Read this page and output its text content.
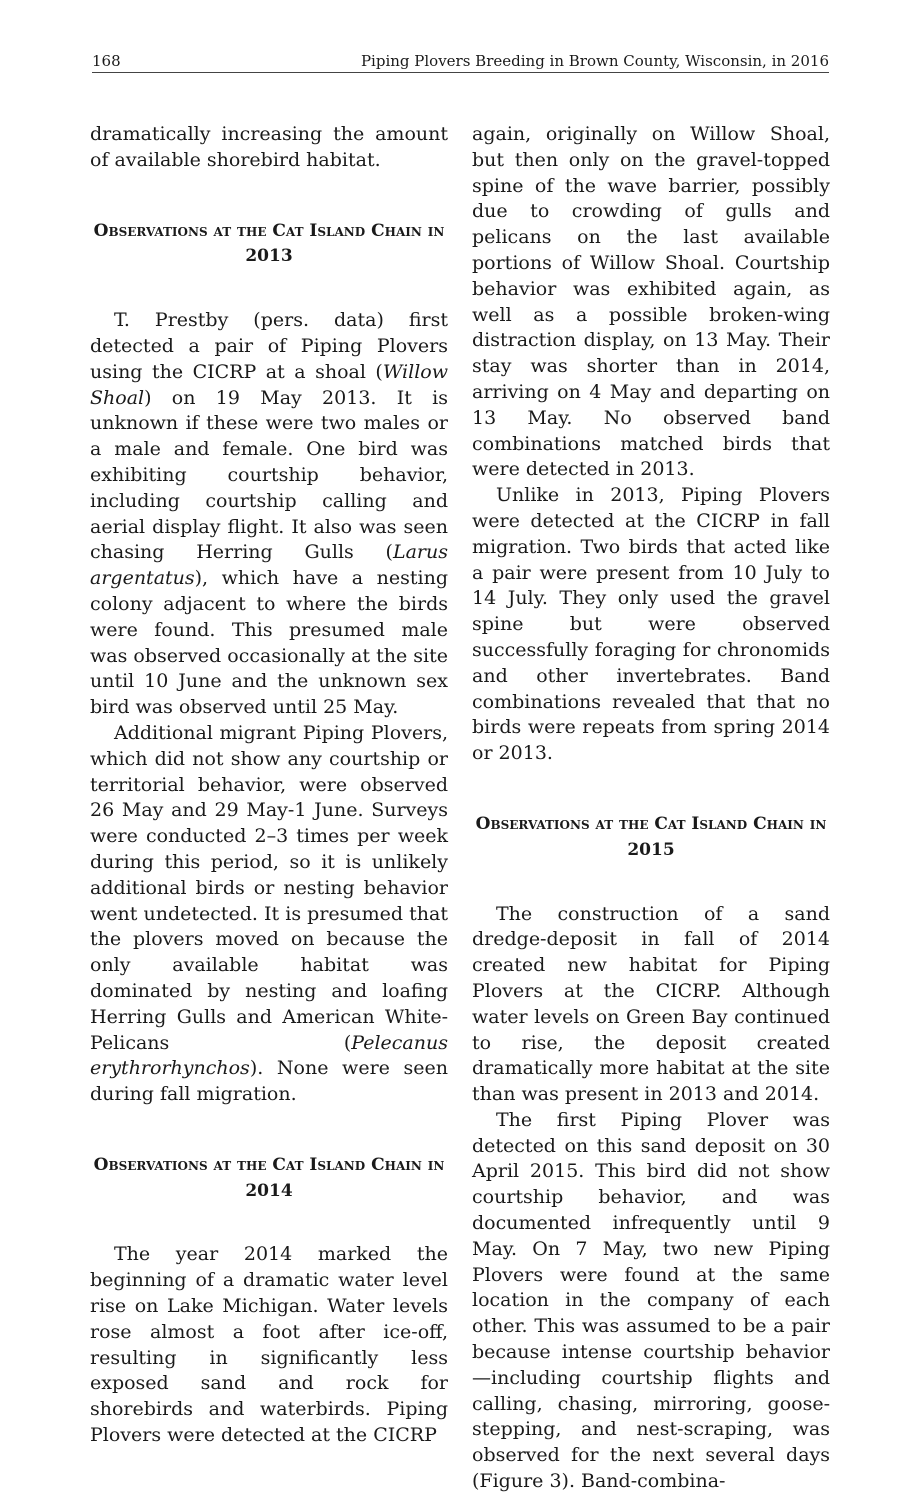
168	Piping Plovers Breeding in Brown County, Wisconsin, in 2016

dramatically increasing the amount of available shorebird habitat.

Observations at the Cat Island Chain in 2013

T. Prestby (pers. data) first detected a pair of Piping Plovers using the CICRP at a shoal (Willow Shoal) on 19 May 2013. It is unknown if these were two males or a male and female. One bird was exhibiting courtship behavior, including courtship calling and aerial display flight. It also was seen chasing Herring Gulls (Larus argentatus), which have a nesting colony adjacent to where the birds were found. This presumed male was observed occasionally at the site until 10 June and the unknown sex bird was observed until 25 May.

Additional migrant Piping Plovers, which did not show any courtship or territorial behavior, were observed 26 May and 29 May-1 June. Surveys were conducted 2–3 times per week during this period, so it is unlikely additional birds or nesting behavior went undetected. It is presumed that the plovers moved on because the only available habitat was dominated by nesting and loafing Herring Gulls and American White-Pelicans (Pelecanus erythrorhynchos). None were seen during fall migration.

Observations at the Cat Island Chain in 2014

The year 2014 marked the beginning of a dramatic water level rise on Lake Michigan. Water levels rose almost a foot after ice-off, resulting in significantly less exposed sand and rock for shorebirds and waterbirds. Piping Plovers were detected at the CICRP

again, originally on Willow Shoal, but then only on the gravel-topped spine of the wave barrier, possibly due to crowding of gulls and pelicans on the last available portions of Willow Shoal. Courtship behavior was exhibited again, as well as a possible broken-wing distraction display, on 13 May. Their stay was shorter than in 2014, arriving on 4 May and departing on 13 May. No observed band combinations matched birds that were detected in 2013.

Unlike in 2013, Piping Plovers were detected at the CICRP in fall migration. Two birds that acted like a pair were present from 10 July to 14 July. They only used the gravel spine but were observed successfully foraging for chronomids and other invertebrates. Band combinations revealed that that no birds were repeats from spring 2014 or 2013.

Observations at the Cat Island Chain in 2015

The construction of a sand dredge-deposit in fall of 2014 created new habitat for Piping Plovers at the CICRP. Although water levels on Green Bay continued to rise, the deposit created dramatically more habitat at the site than was present in 2013 and 2014.

The first Piping Plover was detected on this sand deposit on 30 April 2015. This bird did not show courtship behavior, and was documented infrequently until 9 May. On 7 May, two new Piping Plovers were found at the same location in the company of each other. This was assumed to be a pair because intense courtship behavior—including courtship flights and calling, chasing, mirroring, goose-stepping, and nest-scraping, was observed for the next several days (Figure 3). Band-combina-
